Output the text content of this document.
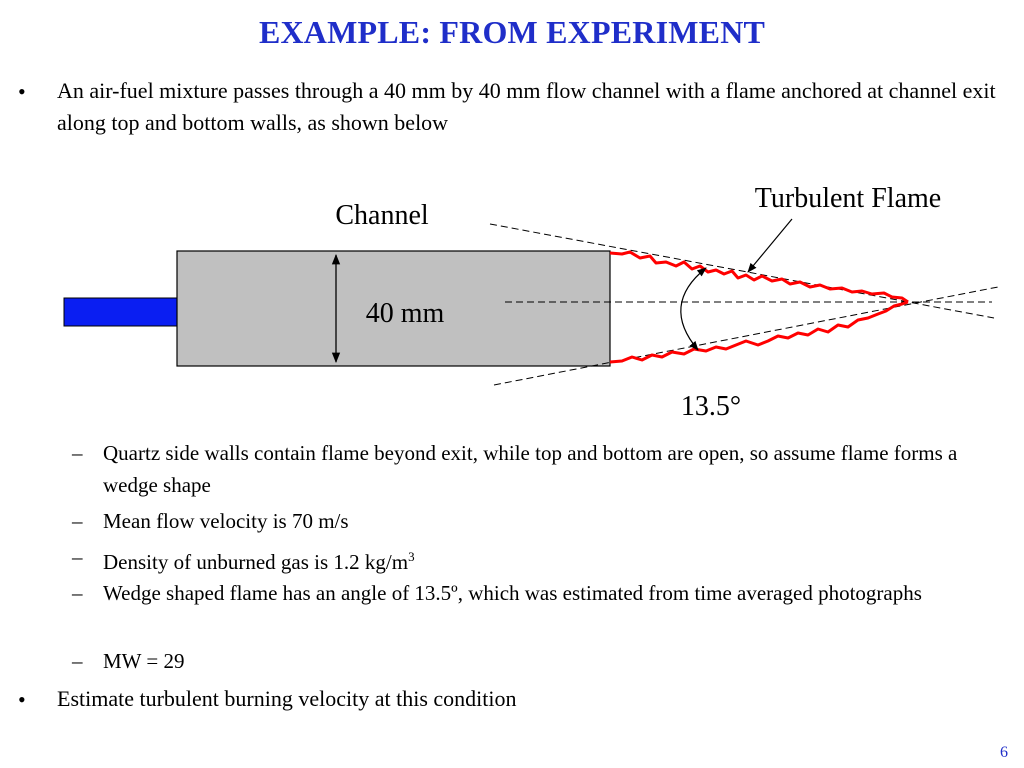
EXAMPLE: FROM EXPERIMENT
• An air-fuel mixture passes through a 40 mm by 40 mm flow channel with a flame anchored at channel exit along top and bottom walls, as shown below
Channel
40 mm
Turbulent Flame
13.5°
– Quartz side walls contain flame beyond exit, while top and bottom are open, so assume flame forms a wedge shape
– Mean flow velocity is 70 m/s
– Density of unburned gas is 1.2 $kg/m^3$
– Wedge shaped flame has an angle of 13.5º, which was estimated from time averaged photographs
– MW = 29
• Estimate turbulent burning velocity at this condition
6
